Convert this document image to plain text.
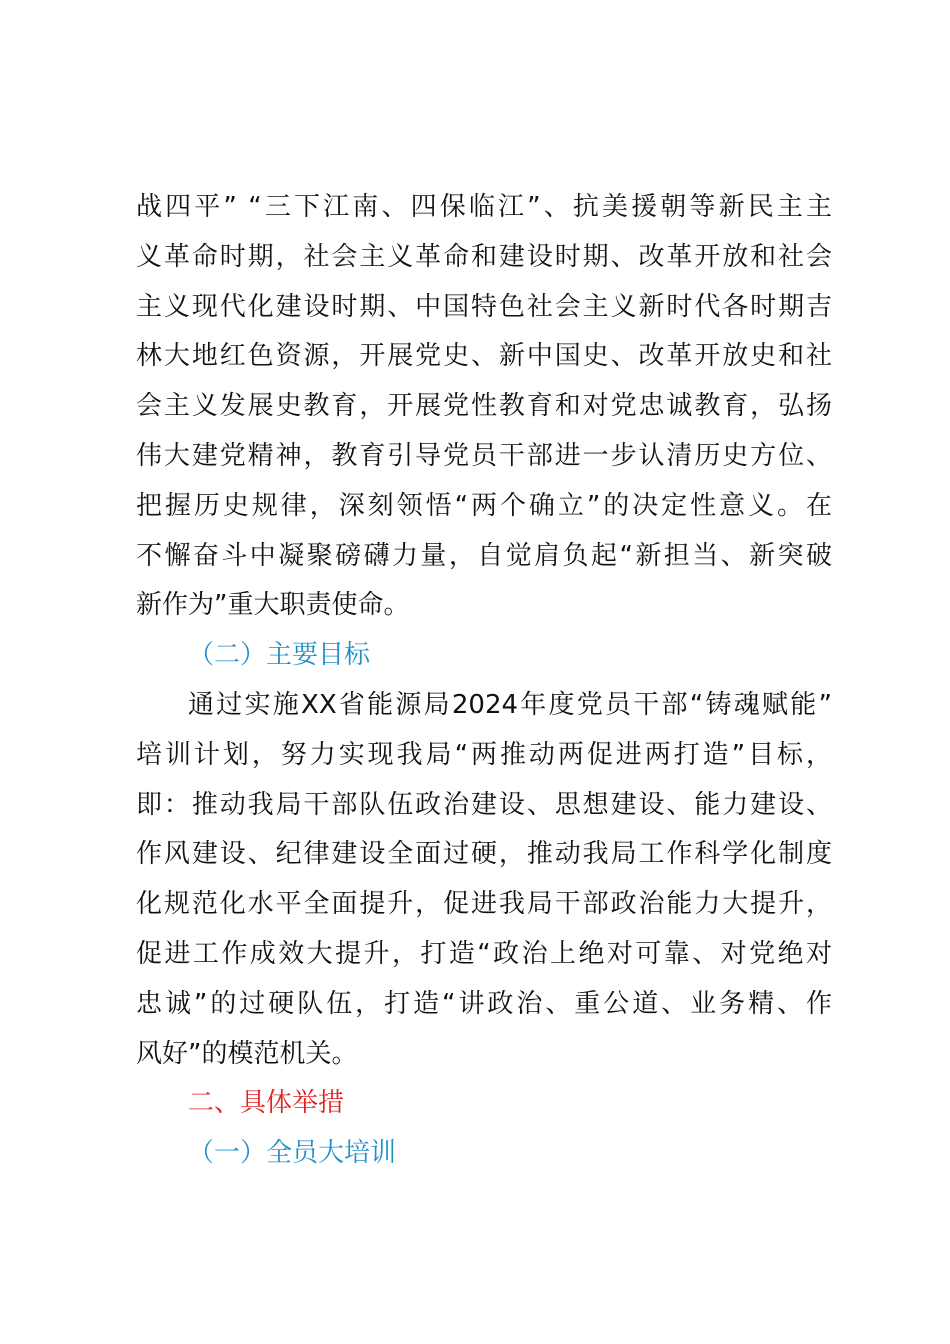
战四平” “三下江南、四保临江”、抗美援朝等新民主主
义革命时期，社会主义革命和建设时期、改革开放和社会
主义现代化建设时期、中国特色社会主义新时代各时期吉
林大地红色资源，开展党史、新中国史、改革开放史和社
会主义发展史教育，开展党性教育和对党忠诚教育，弘扬
伟大建党精神，教育引导党员干部进一步认清历史方位、
把握历史规律，深刻领悟“两个确立”的决定性意义。在
不懈奋斗中凝聚磅礴力量，自觉肩负起“新担当、新突破
新作为”重大职责使命。
（二）主要目标
通过实施XX省能源局2024年度党员干部“铸魂赋能”
培训计划，努力实现我局“两推动两促进两打造”目标，
即：推动我局干部队伍政治建设、思想建设、能力建设、
作风建设、纪律建设全面过硬，推动我局工作科学化制度
化规范化水平全面提升，促进我局干部政治能力大提升，
促进工作成效大提升，打造“政治上绝对可靠、对党绝对
忠诚”的过硬队伍，打造“讲政治、重公道、业务精、作
风好”的模范机关。
二、具体举措
（一）全员大培训
